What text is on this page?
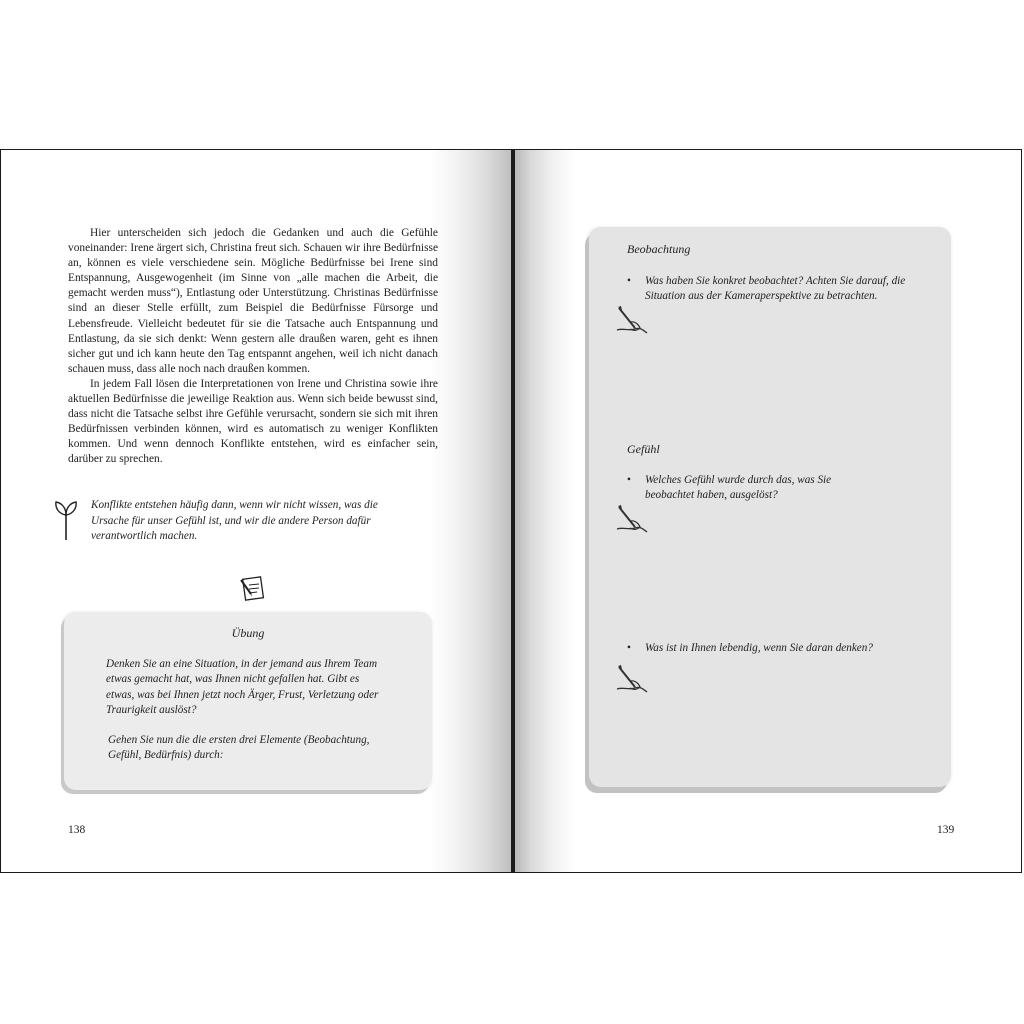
Hier unterscheiden sich jedoch die Gedanken und auch die Gefühle voneinander: Irene ärgert sich, Christina freut sich. Schauen wir ihre Bedürfnisse an, können es viele verschiedene sein. Mögliche Bedürfnisse bei Irene sind Entspannung, Ausgewogenheit (im Sinne von „alle machen die Arbeit, die gemacht werden muss“), Entlastung oder Unterstützung. Christinas Bedürfnisse sind an dieser Stelle erfüllt, zum Beispiel die Bedürfnisse Fürsorge und Lebensfreude. Vielleicht bedeutet für sie die Tatsache auch Entspannung und Entlastung, da sie sich denkt: Wenn gestern alle draußen waren, geht es ihnen sicher gut und ich kann heute den Tag entspannt angehen, weil ich nicht danach schauen muss, dass alle noch nach draußen kommen.

In jedem Fall lösen die Interpretationen von Irene und Christina sowie ihre aktuellen Bedürfnisse die jeweilige Reaktion aus. Wenn sich beide bewusst sind, dass nicht die Tatsache selbst ihre Gefühle verursacht, sondern sie sich mit ihren Bedürfnissen verbinden können, wird es automatisch zu weniger Konflikten kommen. Und wenn dennoch Konflikte entstehen, wird es einfacher sein, darüber zu sprechen.

Konflikte entstehen häufig dann, wenn wir nicht wissen, was die Ursache für unser Gefühl ist, und wir die andere Person dafür verantwortlich machen.

Übung

Denken Sie an eine Situation, in der jemand aus Ihrem Team etwas gemacht hat, was Ihnen nicht gefallen hat. Gibt es etwas, was bei Ihnen jetzt noch Ärger, Frust, Verletzung oder Traurigkeit auslöst?

Gehen Sie nun die die ersten drei Elemente (Beobachtung, Gefühl, Bedürfnis) durch:

138
Beobachtung
• Was haben Sie konkret beobachtet? Achten Sie darauf, die Situation aus der Kameraperspektive zu betrachten.
Gefühl
• Welches Gefühl wurde durch das, was Sie beobachtet haben, ausgelöst?
• Was ist in Ihnen lebendig, wenn Sie daran denken?
139
